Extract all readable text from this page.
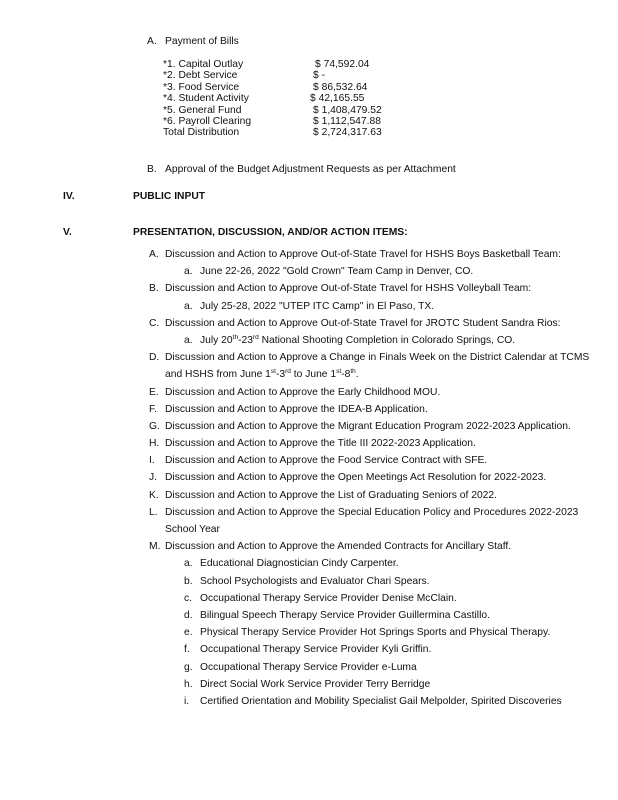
A. Payment of Bills
*1. Capital Outlay	$ 74,592.04
*2. Debt Service	$ -
*3. Food Service	$ 86,532.64
*4. Student Activity	$ 42,165.55
*5. General Fund	$ 1,408,479.52
*6. Payroll Clearing	$ 1,112,547.88
Total Distribution	$ 2,724,317.63
B. Approval of the Budget Adjustment Requests as per Attachment
IV.	PUBLIC INPUT
V.	PRESENTATION, DISCUSSION, AND/OR ACTION ITEMS:
A. Discussion and Action to Approve Out-of-State Travel for HSHS Boys Basketball Team:
a. June 22-26, 2022 "Gold Crown" Team Camp in Denver, CO.
B. Discussion and Action to Approve Out-of-State Travel for HSHS Volleyball Team:
a. July 25-28, 2022 "UTEP ITC Camp" in El Paso, TX.
C. Discussion and Action to Approve Out-of-State Travel for JROTC Student Sandra Rios:
a. July 20th-23rd National Shooting Completion in Colorado Springs, CO.
D. Discussion and Action to Approve a Change in Finals Week on the District Calendar at TCMS
and HSHS from June 1st-3rd to June 1st-8th.
E. Discussion and Action to Approve the Early Childhood MOU.
F. Discussion and Action to Approve the IDEA-B Application.
G. Discussion and Action to Approve the Migrant Education Program 2022-2023 Application.
H. Discussion and Action to Approve the Title III 2022-2023 Application.
I. Discussion and Action to Approve the Food Service Contract with SFE.
J. Discussion and Action to Approve the Open Meetings Act Resolution for 2022-2023.
K. Discussion and Action to Approve the List of Graduating Seniors of 2022.
L. Discussion and Action to Approve the Special Education Policy and Procedures 2022-2023
School Year
M. Discussion and Action to Approve the Amended Contracts for Ancillary Staff.
a. Educational Diagnostician Cindy Carpenter.
b. School Psychologists and Evaluator Chari Spears.
c. Occupational Therapy Service Provider Denise McClain.
d. Bilingual Speech Therapy Service Provider Guillermina Castillo.
e. Physical Therapy Service Provider Hot Springs Sports and Physical Therapy.
f. Occupational Therapy Service Provider Kyli Griffin.
g. Occupational Therapy Service Provider e-Luma
h. Direct Social Work Service Provider Terry Berridge
i. Certified Orientation and Mobility Specialist Gail Melpolder, Spirited Discoveries
